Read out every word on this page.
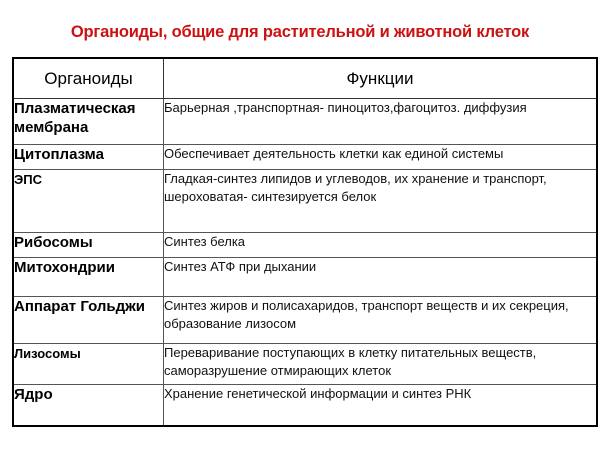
Органоиды, общие для растительной и животной клеток
Органоиды	Функции
Плазматическая мембрана	Барьерная ,транспортная- пиноцитоз,фагоцитоз. диффузия
Цитоплазма	Обеспечивает деятельность клетки как единой системы
ЭПС	Гладкая-синтез липидов и углеводов, их хранение и транспорт, шероховатая- синтезируется белок
Рибосомы	Синтез белка
Митохондрии	Синтез АТФ при дыхании
Аппарат Гольджи	Синтез жиров и полисахаридов, транспорт веществ и их секреция, образование лизосом
Лизосомы	Переваривание поступающих в клетку питательных веществ, саморазрушение отмирающих клеток
Ядро	Хранение генетической информации и синтез РНК
